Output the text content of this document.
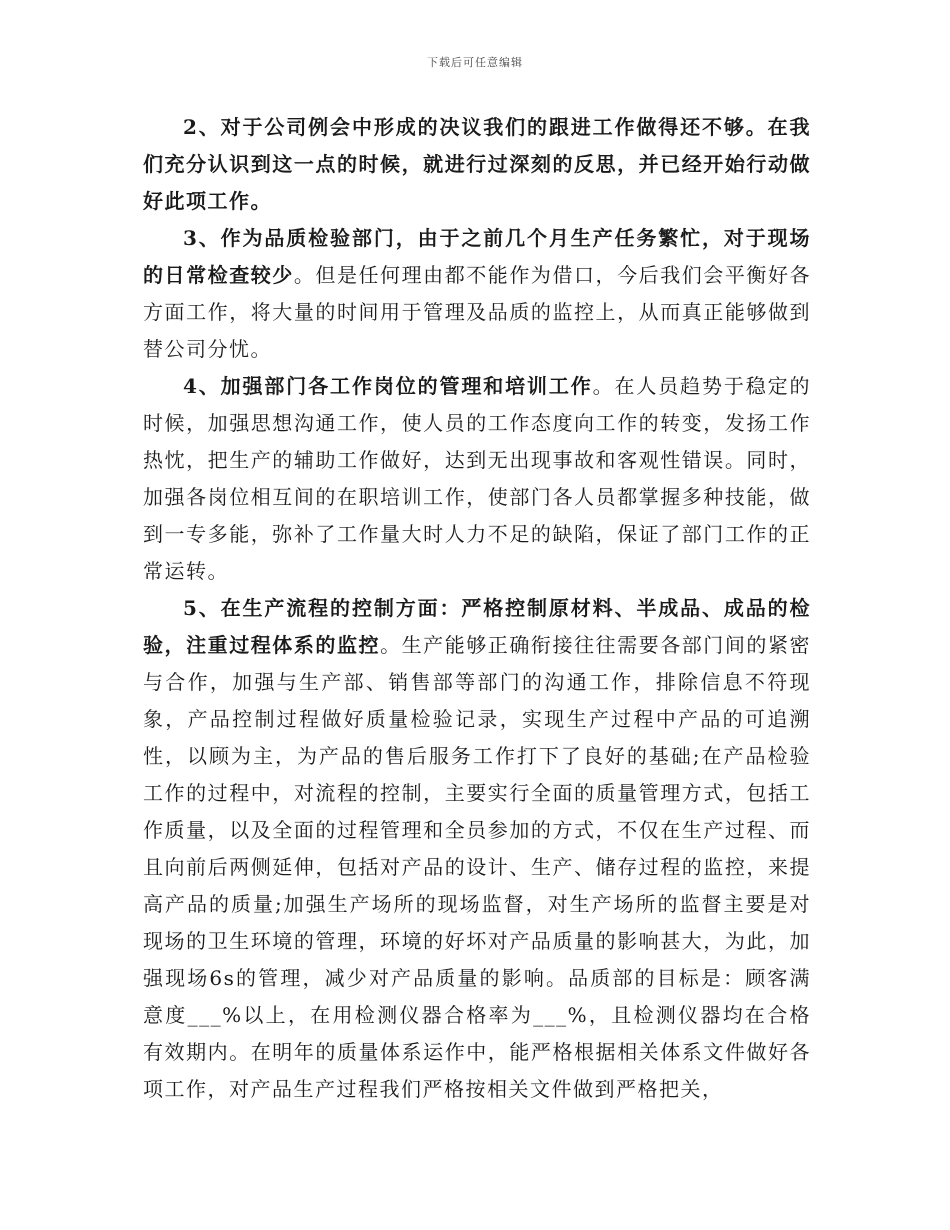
下载后可任意编辑

2、对于公司例会中形成的决议我们的跟进工作做得还不够。在我们充分认识到这一点的时候，就进行过深刻的反思，并已经开始行动做好此项工作。

3、作为品质检验部门，由于之前几个月生产任务繁忙，对于现场的日常检查较少。但是任何理由都不能作为借口，今后我们会平衡好各方面工作，将大量的时间用于管理及品质的监控上，从而真正能够做到替公司分忧。

4、加强部门各工作岗位的管理和培训工作。在人员趋势于稳定的时候，加强思想沟通工作，使人员的工作态度向工作的转变，发扬工作热忱，把生产的辅助工作做好，达到无出现事故和客观性错误。同时，加强各岗位相互间的在职培训工作，使部门各人员都掌握多种技能，做到一专多能，弥补了工作量大时人力不足的缺陷，保证了部门工作的正常运转。

5、在生产流程的控制方面：严格控制原材料、半成品、成品的检验，注重过程体系的监控。生产能够正确衔接往往需要各部门间的紧密与合作，加强与生产部、销售部等部门的沟通工作，排除信息不符现象，产品控制过程做好质量检验记录，实现生产过程中产品的可追溯性，以顾为主，为产品的售后服务工作打下了良好的基础;在产品检验工作的过程中，对流程的控制，主要实行全面的质量管理方式，包括工作质量，以及全面的过程管理和全员参加的方式，不仅在生产过程、而且向前后两侧延伸，包括对产品的设计、生产、储存过程的监控，来提高产品的质量;加强生产场所的现场监督，对生产场所的监督主要是对现场的卫生环境的管理，环境的好坏对产品质量的影响甚大，为此，加强现场6s的管理，减少对产品质量的影响。品质部的目标是：顾客满意度___%以上，在用检测仪器合格率为___%，且检测仪器均在合格有效期内。在明年的质量体系运作中，能严格根据相关体系文件做好各项工作，对产品生产过程我们严格按相关文件做到严格把关，
